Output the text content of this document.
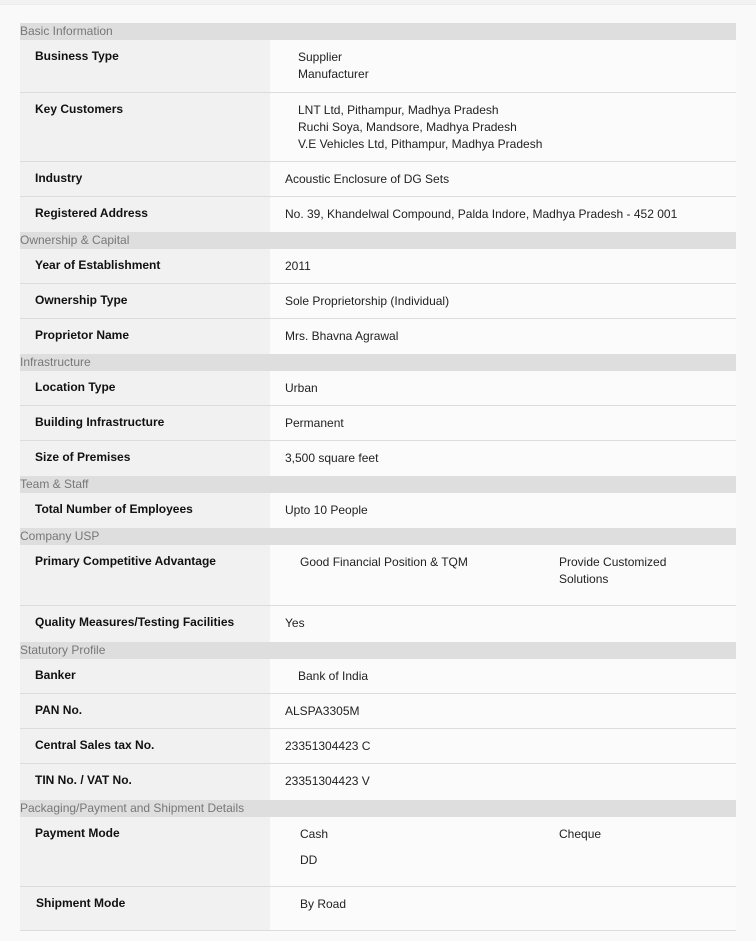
Basic Information
Business Type	Supplier
Manufacturer
Key Customers	LNT Ltd, Pithampur, Madhya Pradesh
Ruchi Soya, Mandsore, Madhya Pradesh
V.E Vehicles Ltd, Pithampur, Madhya Pradesh
Industry	Acoustic Enclosure of DG Sets
Registered Address	No. 39, Khandelwal Compound, Palda Indore, Madhya Pradesh - 452 001
Ownership & Capital
Year of Establishment	2011
Ownership Type	Sole Proprietorship (Individual)
Proprietor Name	Mrs. Bhavna Agrawal
Infrastructure
Location Type	Urban
Building Infrastructure	Permanent
Size of Premises	3,500 square feet
Team & Staff
Total Number of Employees	Upto 10 People
Company USP
Primary Competitive Advantage	Good Financial Position & TQM	Provide Customized Solutions
Quality Measures/Testing Facilities	Yes
Statutory Profile
Banker	Bank of India
PAN No.	ALSPA3305M
Central Sales tax No.	23351304423 C
TIN No. / VAT No.	23351304423 V
Packaging/Payment and Shipment Details
Payment Mode	Cash	Cheque
DD
Shipment Mode	By Road
